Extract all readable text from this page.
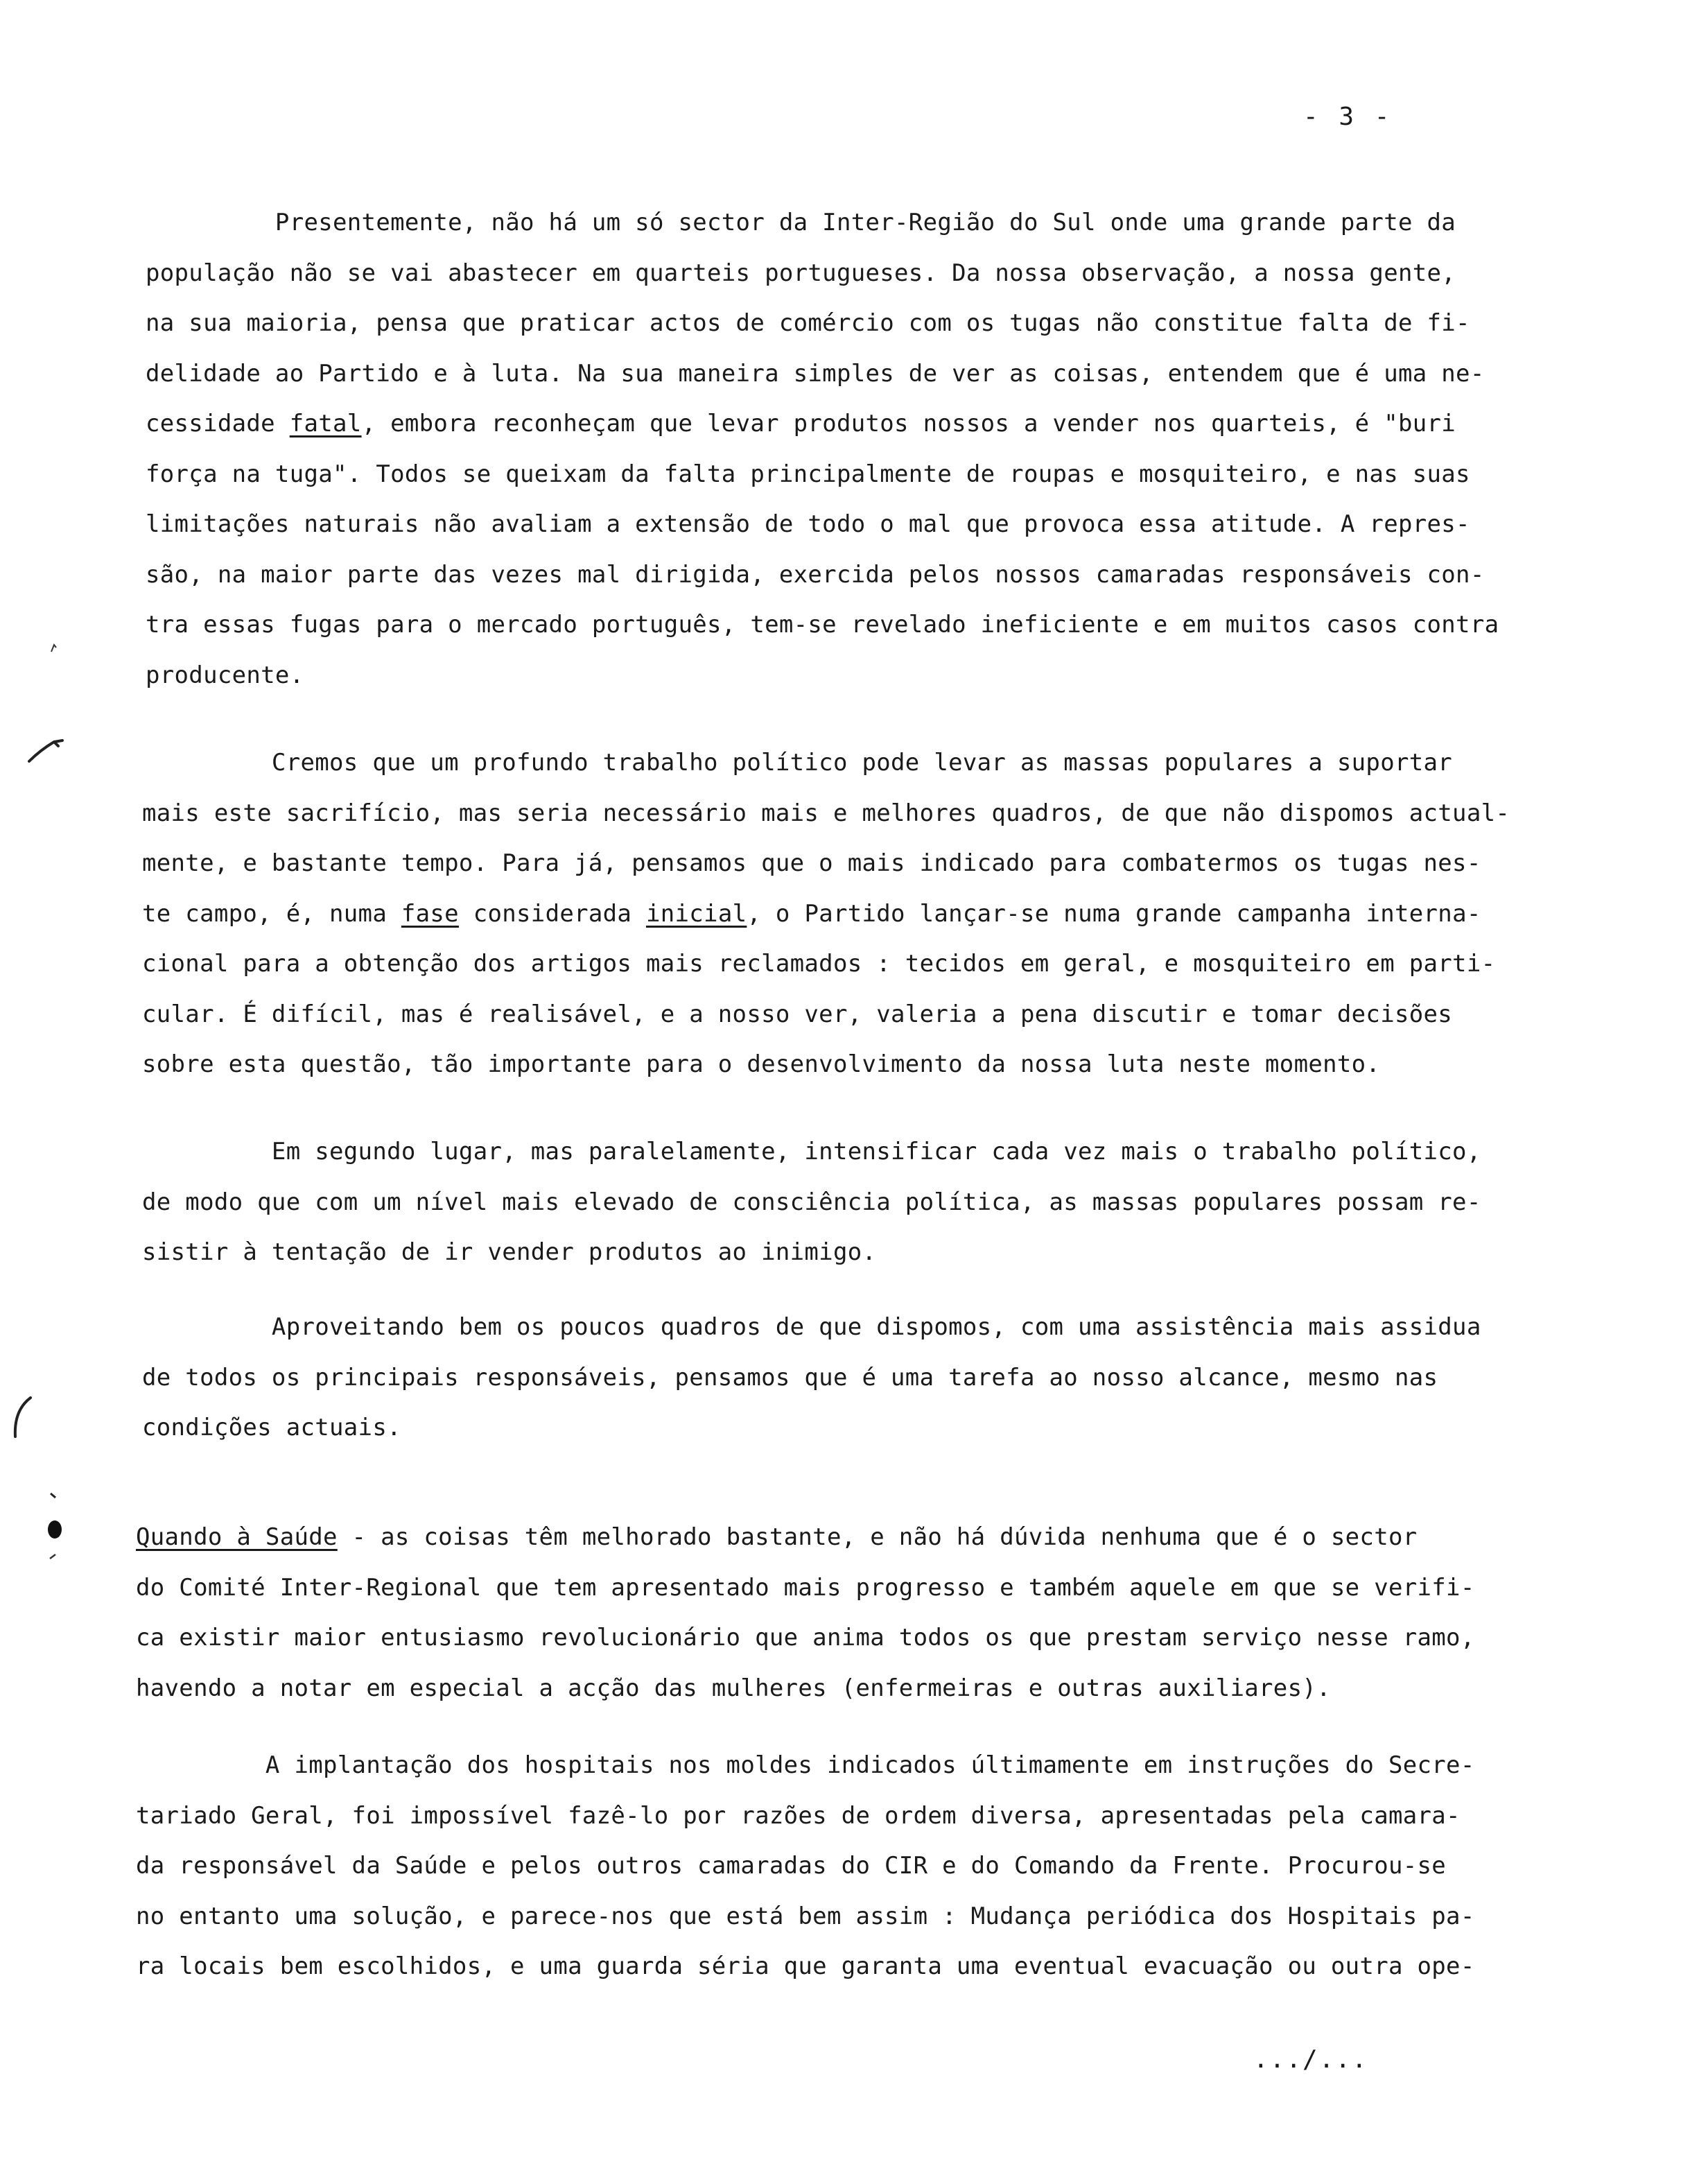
- 3 -
Presentemente, não há um só sector da Inter-Região do Sul onde uma grande parte da
população não se vai abastecer em quarteis portugueses. Da nossa observação, a nossa gente,
na sua maioria, pensa que praticar actos de comércio com os tugas não constitue falta de fi-
delidade ao Partido e à luta. Na sua maneira simples de ver as coisas, entendem que é uma ne-
cessidade fatal, embora reconheçam que levar produtos nossos a vender nos quarteis, é "buri
força na tuga". Todos se queixam da falta principalmente de roupas e mosquiteiro, e nas suas
limitações naturais não avaliam a extensão de todo o mal que provoca essa atitude. A repres-
são, na maior parte das vezes mal dirigida, exercida pelos nossos camaradas responsáveis con-
tra essas fugas para o mercado português, tem-se revelado ineficiente e em muitos casos contra
producente.
Cremos que um profundo trabalho político pode levar as massas populares a suportar
mais este sacrifício, mas seria necessário mais e melhores quadros, de que não dispomos actual-
mente, e bastante tempo. Para já, pensamos que o mais indicado para combatermos os tugas nes-
te campo, é, numa fase considerada inicial, o Partido lançar-se numa grande campanha interna-
cional para a obtenção dos artigos mais reclamados : tecidos em geral, e mosquiteiro em parti-
cular. É difícil, mas é realisável, e a nosso ver, valeria a pena discutir e tomar decisões
sobre esta questão, tão importante para o desenvolvimento da nossa luta neste momento.
Em segundo lugar, mas paralelamente, intensificar cada vez mais o trabalho político,
de modo que com um nível mais elevado de consciência política, as massas populares possam re-
sistir à tentação de ir vender produtos ao inimigo.
Aproveitando bem os poucos quadros de que dispomos, com uma assistência mais assidua
de todos os principais responsáveis, pensamos que é uma tarefa ao nosso alcance, mesmo nas
condições actuais.
Quando à Saúde - as coisas têm melhorado bastante, e não há dúvida nenhuma que é o sector
do Comité Inter-Regional que tem apresentado mais progresso e também aquele em que se verifi-
ca existir maior entusiasmo revolucionário que anima todos os que prestam serviço nesse ramo,
havendo a notar em especial a acção das mulheres (enfermeiras e outras auxiliares).
A implantação dos hospitais nos moldes indicados últimamente em instruções do Secre-
tariado Geral, foi impossível fazê-lo por razões de ordem diversa, apresentadas pela camara-
da responsável da Saúde e pelos outros camaradas do CIR e do Comando da Frente. Procurou-se
no entanto uma solução, e parece-nos que está bem assim : Mudança periódica dos Hospitais pa-
ra locais bem escolhidos, e uma guarda séria que garanta uma eventual evacuação ou outra ope-
.../...
